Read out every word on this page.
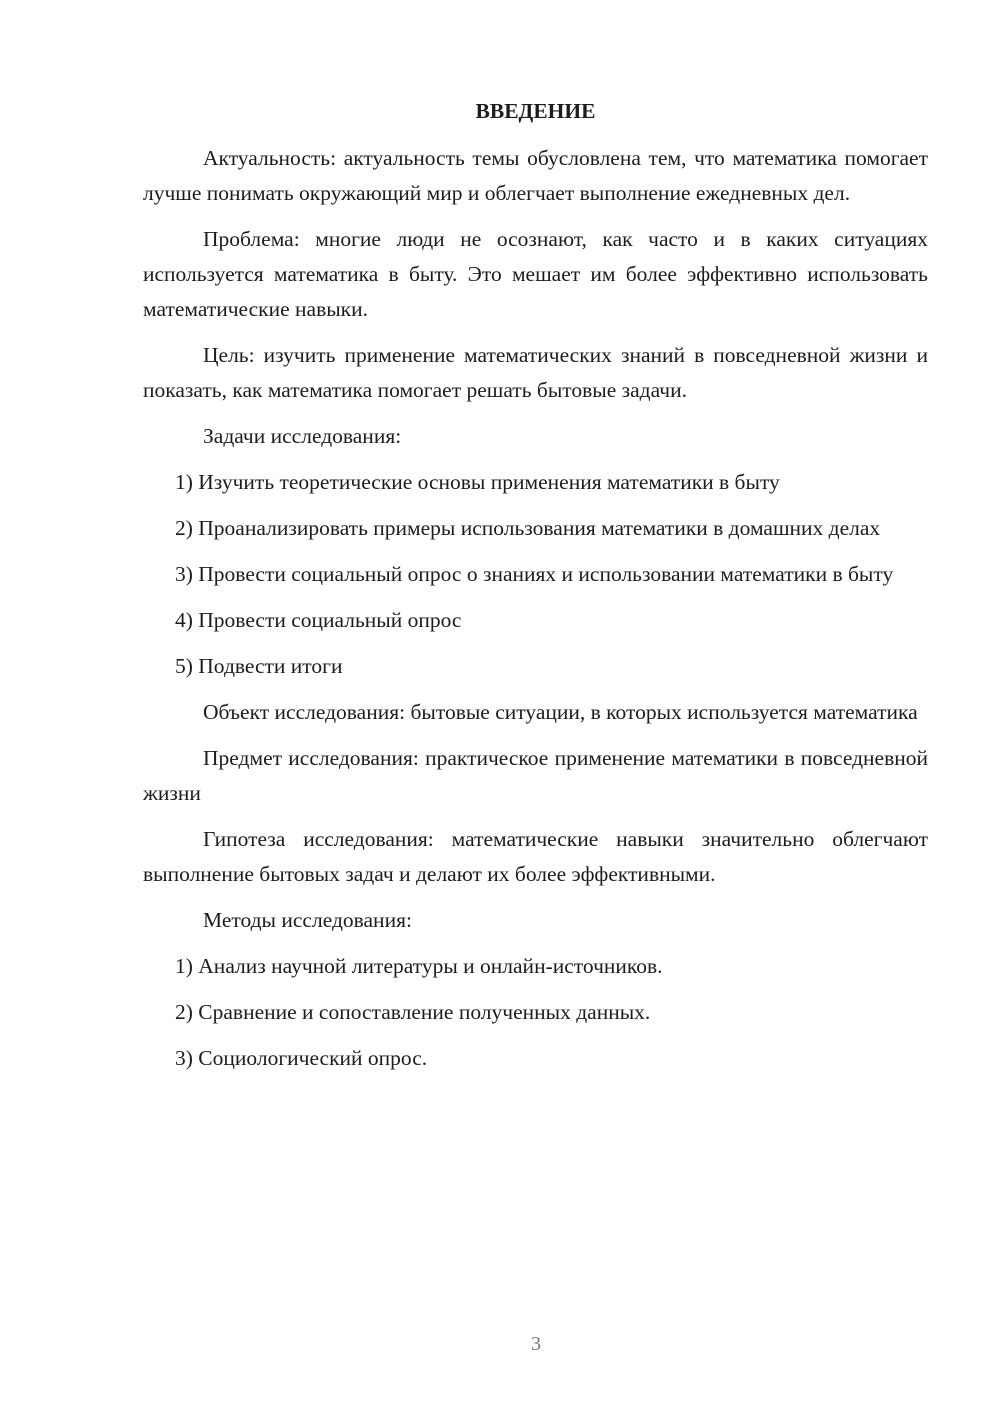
ВВЕДЕНИЕ

Актуальность: актуальность темы обусловлена тем, что математика помогает лучше понимать окружающий мир и облегчает выполнение ежедневных дел.

Проблема: многие люди не осознают, как часто и в каких ситуациях используется математика в быту. Это мешает им более эффективно использовать математические навыки.

Цель: изучить применение математических знаний в повседневной жизни и показать, как математика помогает решать бытовые задачи.

Задачи исследования:

1) Изучить теоретические основы применения математики в быту

2) Проанализировать примеры использования математики в домашних делах

3) Провести социальный опрос о знаниях и использовании математики в быту

4) Провести социальный опрос

5) Подвести итоги

Объект исследования: бытовые ситуации, в которых используется математика

Предмет исследования: практическое применение математики в повседневной жизни

Гипотеза исследования: математические навыки значительно облегчают выполнение бытовых задач и делают их более эффективными.

Методы исследования:

1) Анализ научной литературы и онлайн-источников.

2) Сравнение и сопоставление полученных данных.

3) Социологический опрос.

3
